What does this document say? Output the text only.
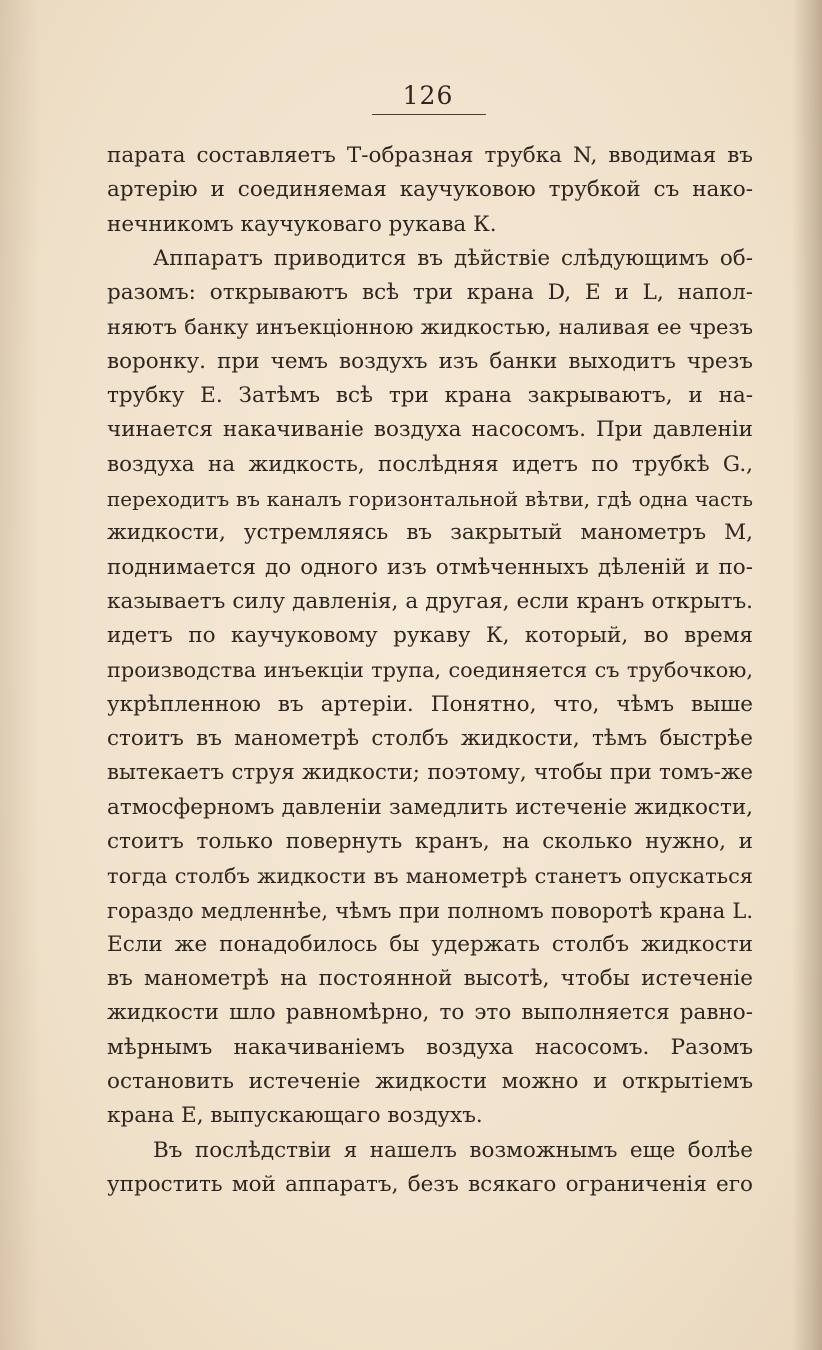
126
парата составляетъ Т-образная трубка N, вводимая въ
артерію и соединяемая каучуковою трубкой съ нако-
нечникомъ каучуковаго рукава К.
Аппаратъ приводится въ дѣйствіе слѣдующимъ об-
разомъ: открываютъ всѣ три крана D, E и L, напол-
няютъ банку инъекціонною жидкостью, наливая ее чрезъ
воронку. при чемъ воздухъ изъ банки выходитъ чрезъ
трубку Е. Затѣмъ всѣ три крана закрываютъ, и на-
чинается накачиваніе воздуха насосомъ. При давленіи
воздуха на жидкость, послѣдняя идетъ по трубкѣ G.,
переходитъ въ каналъ горизонтальной вѣтви, гдѣ одна часть
жидкости, устремляясь въ закрытый манометръ М,
поднимается до одного изъ отмѣченныхъ дѣленій и по-
казываетъ силу давленія, а другая, если кранъ открытъ.
идетъ по каучуковому рукаву К, который, во время
производства инъекціи трупа, соединяется съ трубочкою,
укрѣпленною въ артеріи. Понятно, что, чѣмъ выше
стоитъ въ манометрѣ столбъ жидкости, тѣмъ быстрѣе
вытекаетъ струя жидкости; поэтому, чтобы при томъ-же
атмосферномъ давленіи замедлить истеченіе жидкости,
стоитъ только повернуть кранъ, на сколько нужно, и
тогда столбъ жидкости въ манометрѣ станетъ опускаться
гораздо медленнѣе, чѣмъ при полномъ поворотѣ крана L.
Если же понадобилось бы удержать столбъ жидкости
въ манометрѣ на постоянной высотѣ, чтобы истеченіе
жидкости шло равномѣрно, то это выполняется равно-
мѣрнымъ накачиваніемъ воздуха насосомъ. Разомъ
остановить истеченіе жидкости можно и открытіемъ
крана Е, выпускающаго воздухъ.
Въ послѣдствіи я нашелъ возможнымъ еще болѣе
упростить мой аппаратъ, безъ всякаго ограниченія его
